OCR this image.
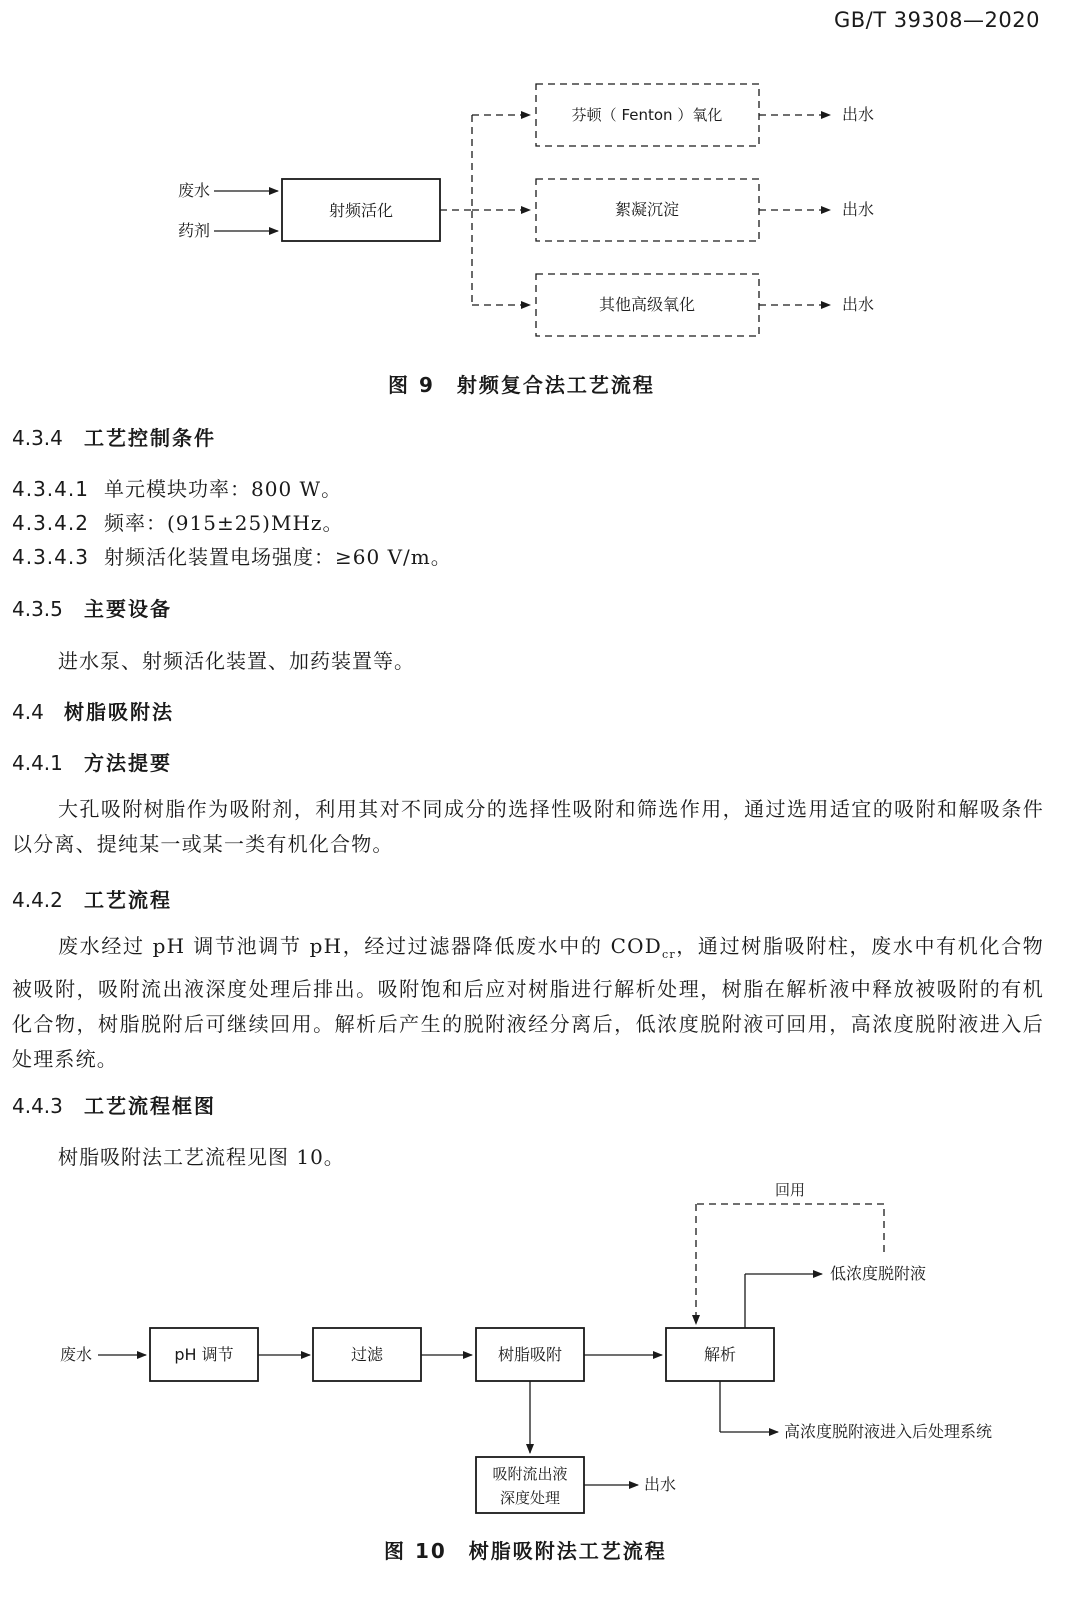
GB/T 39308—2020
废水
药剂
射频活化
芬顿（ Fenton ）氧化
絮凝沉淀
其他高级氧化
出水
出水
出水
图 9　射频复合法工艺流程
4.3.4 工艺控制条件
4.3.4.1 单元模块功率：800 W。
4.3.4.2 频率：(915±25)MHz。
4.3.4.3 射频活化装置电场强度：≥60 V/m。
4.3.5 主要设备
进水泵、射频活化装置、加药装置等。
4.4 树脂吸附法
4.4.1 方法提要
大孔吸附树脂作为吸附剂，利用其对不同成分的选择性吸附和筛选作用，通过选用适宜的吸附和解吸条件以分离、提纯某一或某一类有机化合物。
4.4.2 工艺流程
废水经过 pH 调节池调节 pH，经过过滤器降低废水中的 $COD_{cr}$，通过树脂吸附柱，废水中有机化合物被吸附，吸附流出液深度处理后排出。吸附饱和后应对树脂进行解析处理，树脂在解析液中释放被吸附的有机化合物，树脂脱附后可继续回用。解析后产生的脱附液经分离后，低浓度脱附液可回用，高浓度脱附液进入后处理系统。
4.4.3 工艺流程框图
树脂吸附法工艺流程见图 10。
废水	pH 调节	过滤	树脂吸附	解析
回用
低浓度脱附液
高浓度脱附液进入后处理系统
吸附流出液
深度处理
出水
图 10　树脂吸附法工艺流程
